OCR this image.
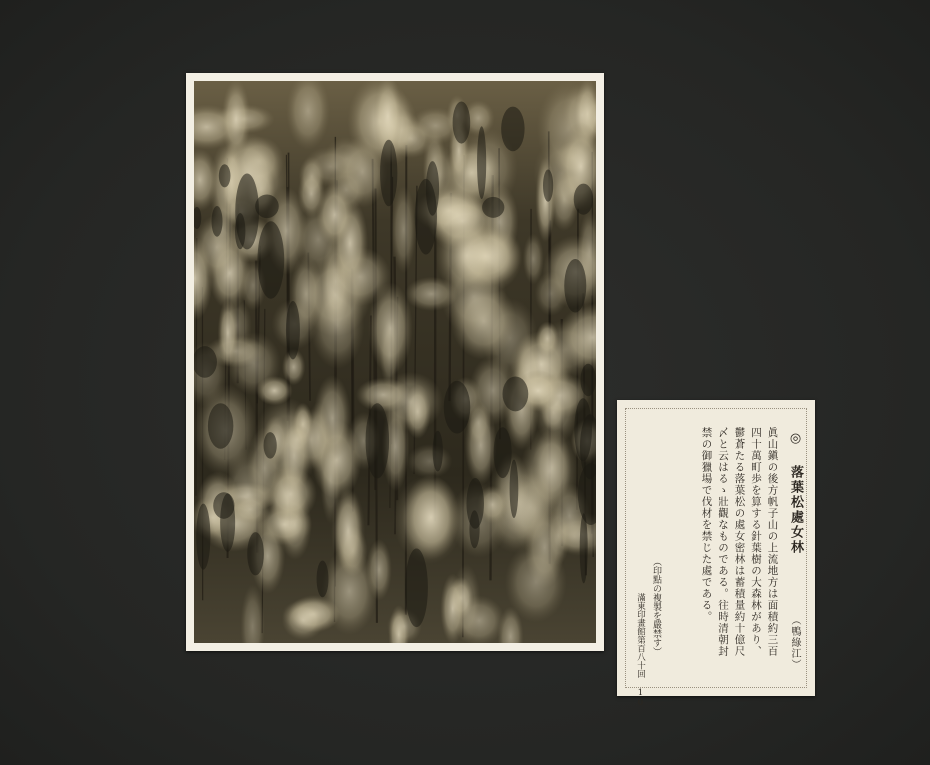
◎ 落葉松處女林
（鴨綠江）
眞山鎭の後方帆子山の上流地方は面積約三百四十萬町歩を算する針葉樹の大森林があり、鬱蒼たる落葉松の處女密林は蓄積量約十億尺〆と云はるゝ壯觀なものである。往時清朝封禁の御獵場で伐材を禁じた處である。
（印點の複製を嚴禁す）
滿東印畫館第百八十回 10
